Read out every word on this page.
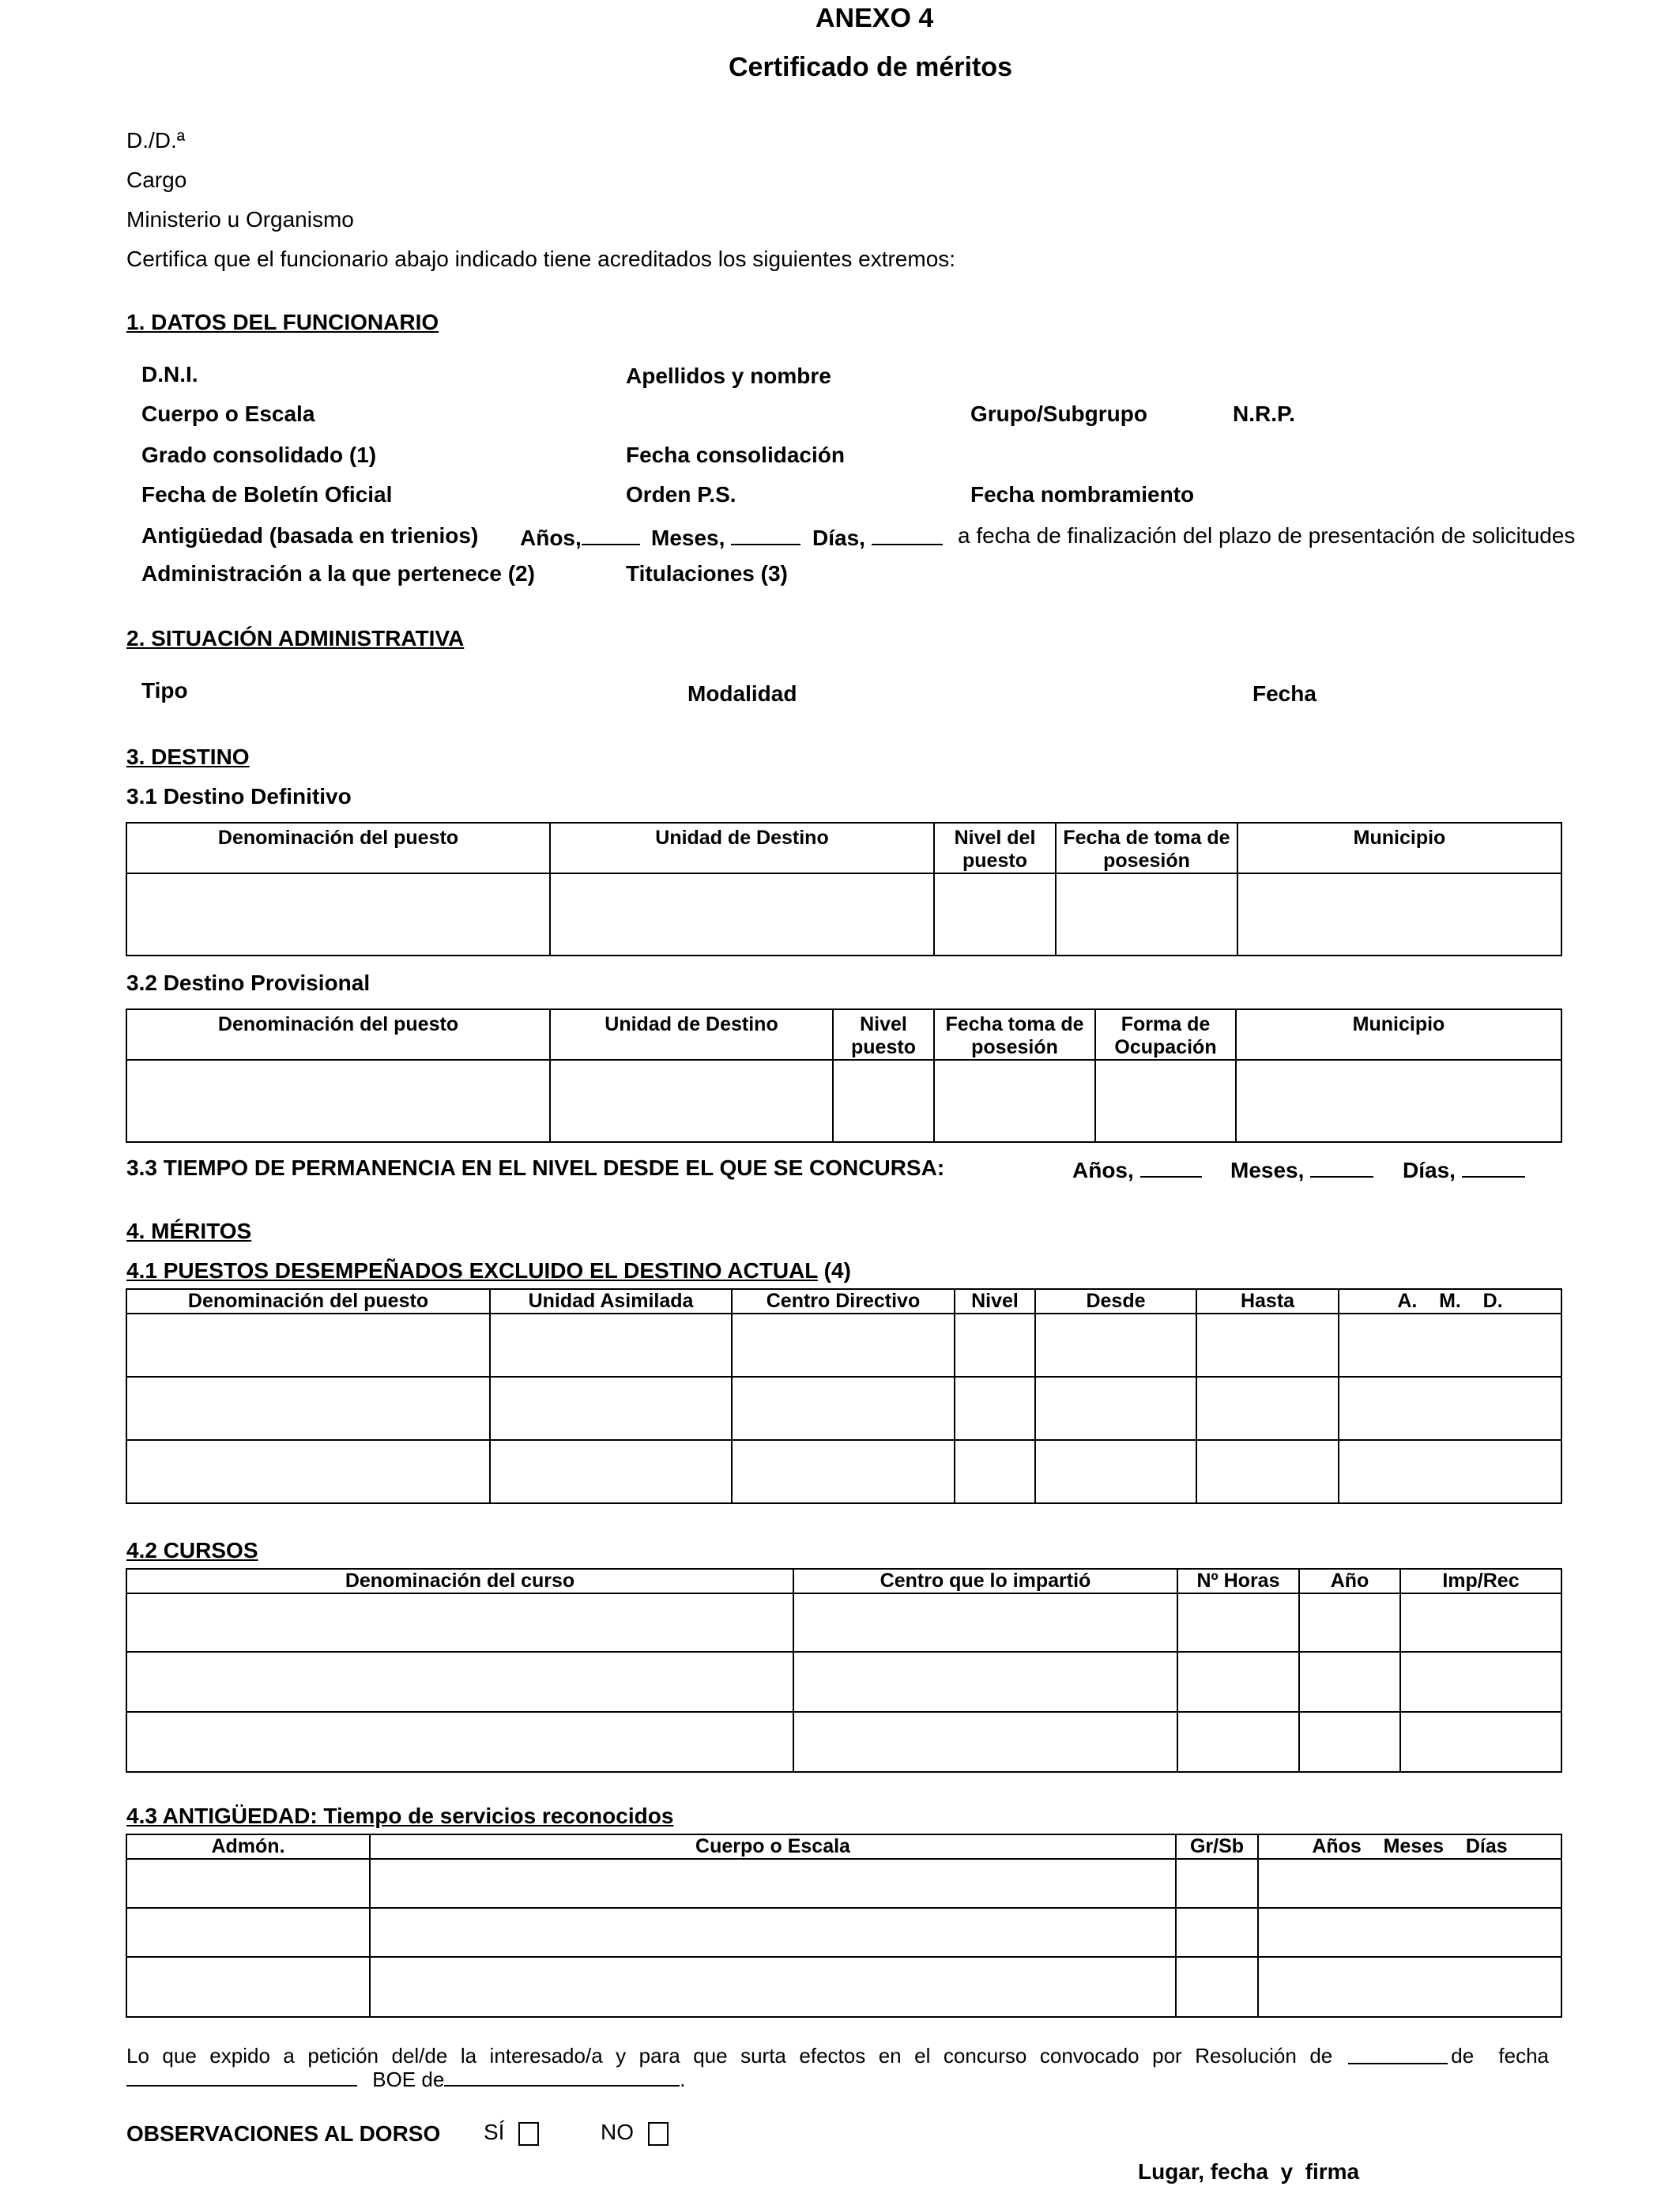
ANEXO 4
Certificado de méritos
D./D.ª
Cargo
Ministerio u Organismo
Certifica que el funcionario abajo indicado tiene acreditados los siguientes extremos:
1. DATOS DEL FUNCIONARIO
D.N.I.	Apellidos y nombre
Cuerpo o Escala	Grupo/Subgrupo	N.R.P.
Grado consolidado (1)	Fecha consolidación
Fecha de Boletín Oficial	Orden P.S.	Fecha nombramiento
Antigüedad (basada en trienios) Años,	Meses,	Días,	a fecha de finalización del plazo de presentación de solicitudes
Administración a la que pertenece (2)	Titulaciones (3)
2. SITUACIÓN ADMINISTRATIVA
Tipo	Modalidad	Fecha
3. DESTINO
3.1 Destino Definitivo
Denominación del puesto	Unidad de Destino	Nivel del puesto	Fecha de toma de posesión	Municipio

3.2 Destino Provisional
Denominación del puesto	Unidad de Destino	Nivel puesto	Fecha toma de posesión	Forma de Ocupación	Municipio

3.3 TIEMPO DE PERMANENCIA EN EL NIVEL DESDE EL QUE SE CONCURSA:	Años,	Meses,	Días,
4. MÉRITOS
4.1 PUESTOS DESEMPEÑADOS EXCLUIDO EL DESTINO ACTUAL (4)
Denominación del puesto	Unidad Asimilada	Centro Directivo	Nivel	Desde	Hasta	A.    M.    D.

4.2 CURSOS
Denominación del curso	Centro que lo impartió	Nº Horas	Año	Imp/Rec

4.3 ANTIGÜEDAD: Tiempo de servicios reconocidos
Admón.	Cuerpo o Escala	Gr/Sb	Años    Meses    Días

Lo que expido a petición del/de la interesado/a y para que surta efectos en el concurso convocado por Resolución de	de fecha
BOE de	.
OBSERVACIONES AL DORSO SÍ	NO
Lugar, fecha  y  firma
